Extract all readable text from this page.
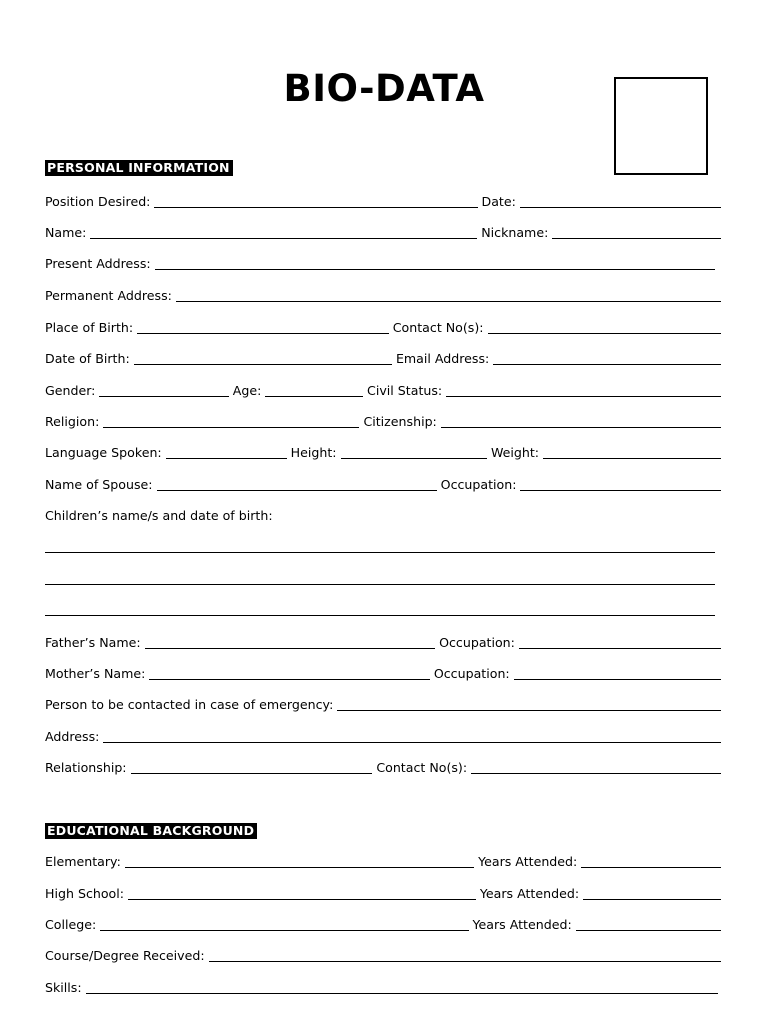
BIO-DATA
PERSONAL INFORMATION
Position Desired:	Date:
Name:	Nickname:
Present Address:
Permanent Address:
Place of Birth:	Contact No(s):
Date of Birth:	Email Address:
Gender:	Age:	Civil Status:
Religion:	Citizenship:
Language Spoken:	Height:	Weight:
Name of Spouse:	Occupation:
Children’s name/s and date of birth:
Father’s Name:	Occupation:
Mother’s Name:	Occupation:
Person to be contacted in case of emergency:
Address:
Relationship:	Contact No(s):
EDUCATIONAL BACKGROUND
Elementary:	Years Attended:
High School:	Years Attended:
College:	Years Attended:
Course/Degree Received:
Skills:
